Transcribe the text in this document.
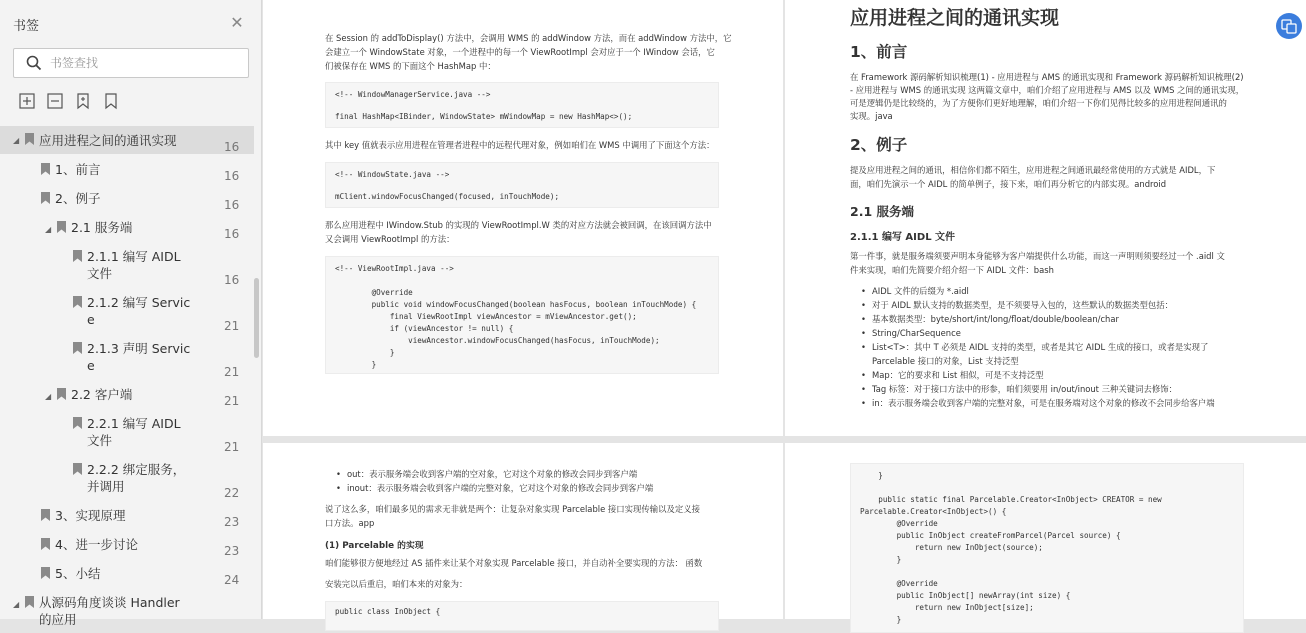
书签	✕
书签查找
◢	应用进程之间的通讯实现	16
1、前言	16
2、例子	16
◢	2.1 服务端	16
2.1.1 编写 AIDL
文件	16
2.1.2 编写 Servic
e	21
2.1.3 声明 Servic
e	21
◢	2.2 客户端	21
2.2.1 编写 AIDL
文件	21
2.2.2 绑定服务，
并调用	22
3、实现原理	23
4、进一步讨论	23
5、小结	24
◢	从源码角度谈谈 Handler
的应用
在 Session 的 addToDisplay() 方法中，会调用 WMS 的 addWindow 方法，而在 addWindow 方法中，它
会建立一个 WindowState 对象，一个进程中的每一个 ViewRootImpl 会对应于一个 IWindow 会话，它
们被保存在 WMS 的下面这个 HashMap 中：
<!-- WindowManagerService.java -->
final HashMap<IBinder, WindowState> mWindowMap = new HashMap<>();
其中 key 值就表示应用进程在管理者进程中的远程代理对象，例如咱们在 WMS 中调用了下面这个方法：
<!-- WindowState.java -->
mClient.windowFocusChanged(focused, inTouchMode);
那么应用进程中 IWindow.Stub 的实现的 ViewRootImpl.W 类的对应方法就会被回调，在该回调方法中
又会调用 ViewRootImpl 的方法：
<!-- ViewRootImpl.java -->
@Override
public void windowFocusChanged(boolean hasFocus, boolean inTouchMode) {
final ViewRootImpl viewAncestor = mViewAncestor.get();
if (viewAncestor != null) {
viewAncestor.windowFocusChanged(hasFocus, inTouchMode);
}
}
应用进程之间的通讯实现
1、前言
在 Framework 源码解析知识梳理(1) - 应用进程与 AMS 的通讯实现和 Framework 源码解析知识梳理(2)
- 应用进程与 WMS 的通讯实现 这两篇文章中，咱们介绍了应用进程与 AMS 以及 WMS 之间的通讯实现，
可是逻辑仍是比较绕的，为了方便你们更好地理解，咱们介绍一下你们见得比较多的应用进程间通讯的
实现。java
2、例子
提及应用进程之间的通讯，相信你们都不陌生，应用进程之间通讯最经常使用的方式就是 AIDL，下
面，咱们先演示一个 AIDL 的简单例子，接下来，咱们再分析它的内部实现。android
2.1 服务端
2.1.1 编写 AIDL 文件
第一件事，就是服务端须要声明本身能够为客户端提供什么功能，而这一声明则须要经过一个 .aidl 文
件来实现，咱们先简要介绍介绍一下 AIDL 文件：bash
• AIDL 文件的后缀为 *.aidl
• 对于 AIDL 默认支持的数据类型，是不须要导入包的，这些默认的数据类型包括：
• 基本数据类型：byte/short/int/long/float/double/boolean/char
• String/CharSequence
• List<T>：其中 T 必须是 AIDL 支持的类型，或者是其它 AIDL 生成的接口，或者是实现了
Parcelable 接口的对象，List 支持泛型
• Map：它的要求和 List 相似，可是不支持泛型
• Tag 标签：对于接口方法中的形参，咱们须要用 in/out/inout 三种关键词去修饰：
• in：表示服务端会收到客户端的完整对象，可是在服务端对这个对象的修改不会同步给客户端
• out：表示服务端会收到客户端的空对象，它对这个对象的修改会同步到客户端
• inout：表示服务端会收到客户端的完整对象，它对这个对象的修改会同步到客户端
说了这么多，咱们最多见的需求无非就是两个：让复杂对象实现 Parcelable 接口实现传输以及定义接
口方法。app
(1) Parcelable 的实现
咱们能够很方便地经过 AS 插件来让某个对象实现 Parcelable 接口，并自动补全要实现的方法： 函数
安装完以后重启，咱们本来的对象为：
public class InObject {
}
public static final Parcelable.Creator<InObject> CREATOR = new
Parcelable.Creator<InObject>() {
@Override
public InObject createFromParcel(Parcel source) {
return new InObject(source);
}
@Override
public InObject[] newArray(int size) {
return new InObject[size];
}
